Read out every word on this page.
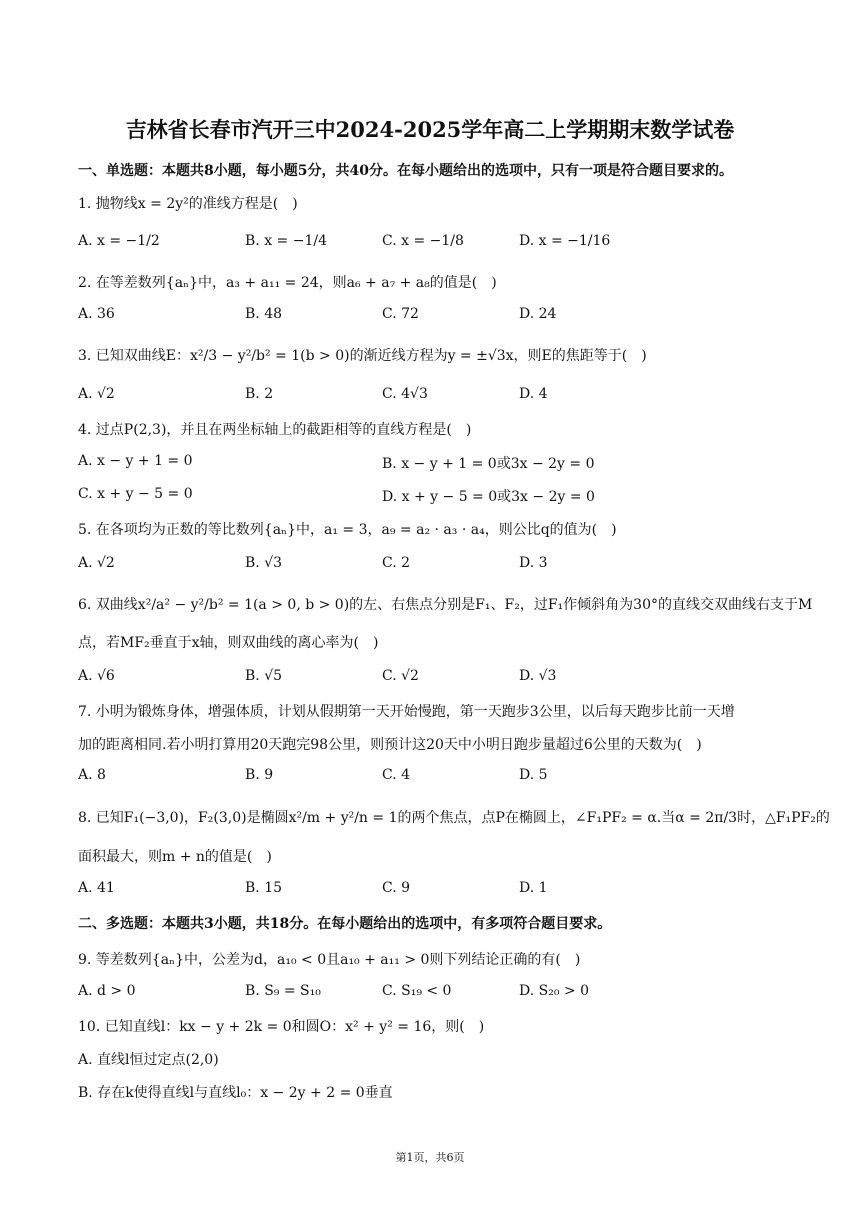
吉林省长春市汽开三中2024-2025学年高二上学期期末数学试卷
一、单选题：本题共8小题，每小题5分，共40分。在每小题给出的选项中，只有一项是符合题目要求的。
1. 抛物线x = 2y²的准线方程是(　)
A. x = −1/2	B. x = −1/4	C. x = −1/8	D. x = −1/16
2. 在等差数列{aₙ}中，a₃ + a₁₁ = 24，则a₆ + a₇ + a₈的值是(　)
A. 36	B. 48	C. 72	D. 24
3. 已知双曲线E：x²/3 − y²/b² = 1(b > 0)的渐近线方程为y = ±√3x，则E的焦距等于(　)
A. √2	B. 2	C. 4√3	D. 4
4. 过点P(2,3)，并且在两坐标轴上的截距相等的直线方程是(　)
A. x − y + 1 = 0	B. x − y + 1 = 0或3x − 2y = 0
C. x + y − 5 = 0	D. x + y − 5 = 0或3x − 2y = 0
5. 在各项均为正数的等比数列{aₙ}中，a₁ = 3，a₉ = a₂ · a₃ · a₄，则公比q的值为(　)
A. √2	B. √3	C. 2	D. 3
6. 双曲线x²/a² − y²/b² = 1(a > 0, b > 0)的左、右焦点分别是F₁、F₂，过F₁作倾斜角为30°的直线交双曲线右支于M
点，若MF₂垂直于x轴，则双曲线的离心率为(　)
A. √6	B. √5	C. √2	D. √3
7. 小明为锻炼身体，增强体质，计划从假期第一天开始慢跑，第一天跑步3公里，以后每天跑步比前一天增
加的距离相同.若小明打算用20天跑完98公里，则预计这20天中小明日跑步量超过6公里的天数为(　)
A. 8	B. 9	C. 4	D. 5
8. 已知F₁(−3,0)，F₂(3,0)是椭圆x²/m + y²/n = 1的两个焦点，点P在椭圆上，∠F₁PF₂ = α.当α = 2π/3时，△F₁PF₂的
面积最大，则m + n的值是(　)
A. 41	B. 15	C. 9	D. 1
二、多选题：本题共3小题，共18分。在每小题给出的选项中，有多项符合题目要求。
9. 等差数列{aₙ}中，公差为d，a₁₀ < 0且a₁₀ + a₁₁ > 0则下列结论正确的有(　)
A. d > 0	B. S₉ = S₁₀	C. S₁₉ < 0	D. S₂₀ > 0
10. 已知直线l：kx − y + 2k = 0和圆O：x² + y² = 16，则(　)
A. 直线l恒过定点(2,0)
B. 存在k使得直线l与直线l₀：x − 2y + 2 = 0垂直
第1页，共6页
